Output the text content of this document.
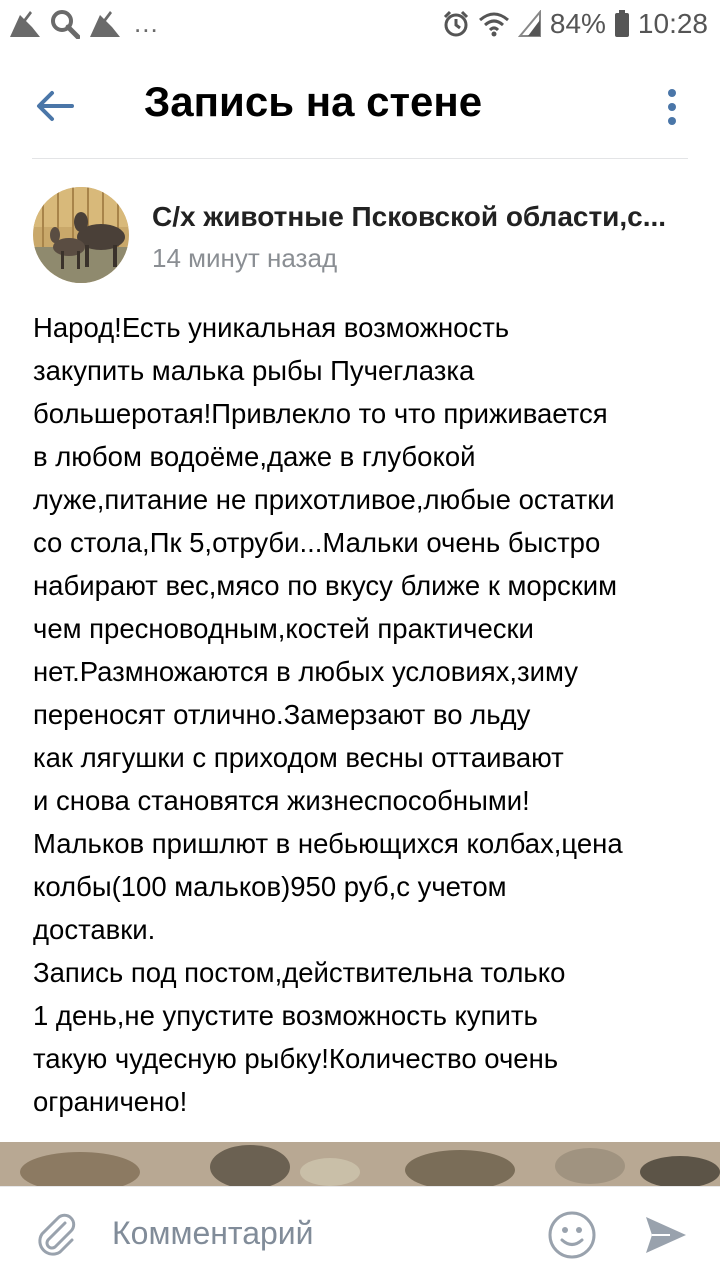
...	84% 10:28
Запись на стене
С/х животные Псковской области,с...
14 минут назад
Народ!Есть уникальная возможность
закупить малька рыбы Пучеглазка
большеротая!Привлекло то что приживается
в любом водоёме,даже в глубокой
луже,питание не прихотливое,любые остатки
со стола,Пк 5,отруби...Мальки очень быстро
набирают вес,мясо по вкусу ближе к морским
чем пресноводным,костей практически
нет.Размножаются в любых условиях,зиму
переносят отлично.Замерзают во льду
как лягушки с приходом весны оттаивают
и снова становятся жизнеспособными!
Мальков пришлют в небьющихся колбах,цена
колбы(100 мальков)950 руб,с учетом
доставки.
Запись под постом,действительна только
1 день,не упустите возможность купить
такую чудесную рыбку!Количество очень
ограничено!
Комментарий
